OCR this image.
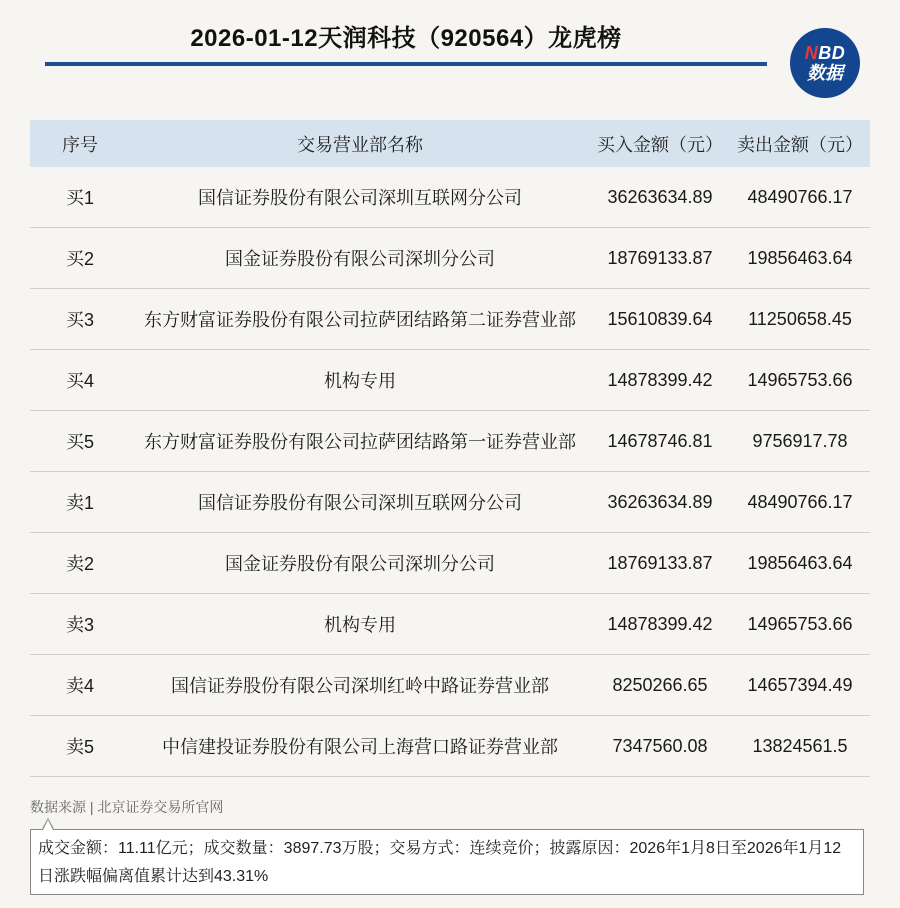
2026-01-12天润科技（920564）龙虎榜
NBD
数据
序号	交易营业部名称	买入金额（元） 卖出金额（元）
买1	国信证券股份有限公司深圳互联网分公司	36263634.89	48490766.17
买2	国金证券股份有限公司深圳分公司	18769133.87	19856463.64
买3	东方财富证券股份有限公司拉萨团结路第二证券营业部	15610839.64	11250658.45
买4	机构专用	14878399.42	14965753.66
买5	东方财富证券股份有限公司拉萨团结路第一证券营业部	14678746.81	9756917.78
卖1	国信证券股份有限公司深圳互联网分公司	36263634.89	48490766.17
卖2	国金证券股份有限公司深圳分公司	18769133.87	19856463.64
卖3	机构专用	14878399.42	14965753.66
卖4	国信证券股份有限公司深圳红岭中路证券营业部	8250266.65	14657394.49
卖5	中信建投证券股份有限公司上海营口路证券营业部	7347560.08	13824561.5
数据来源 | 北京证券交易所官网
成交金额：11.11亿元；成交数量：3897.73万股；交易方式：连续竞价；披露原因：2026年1月8日至2026年1月12日涨跌幅偏离值累计达到43.31%
